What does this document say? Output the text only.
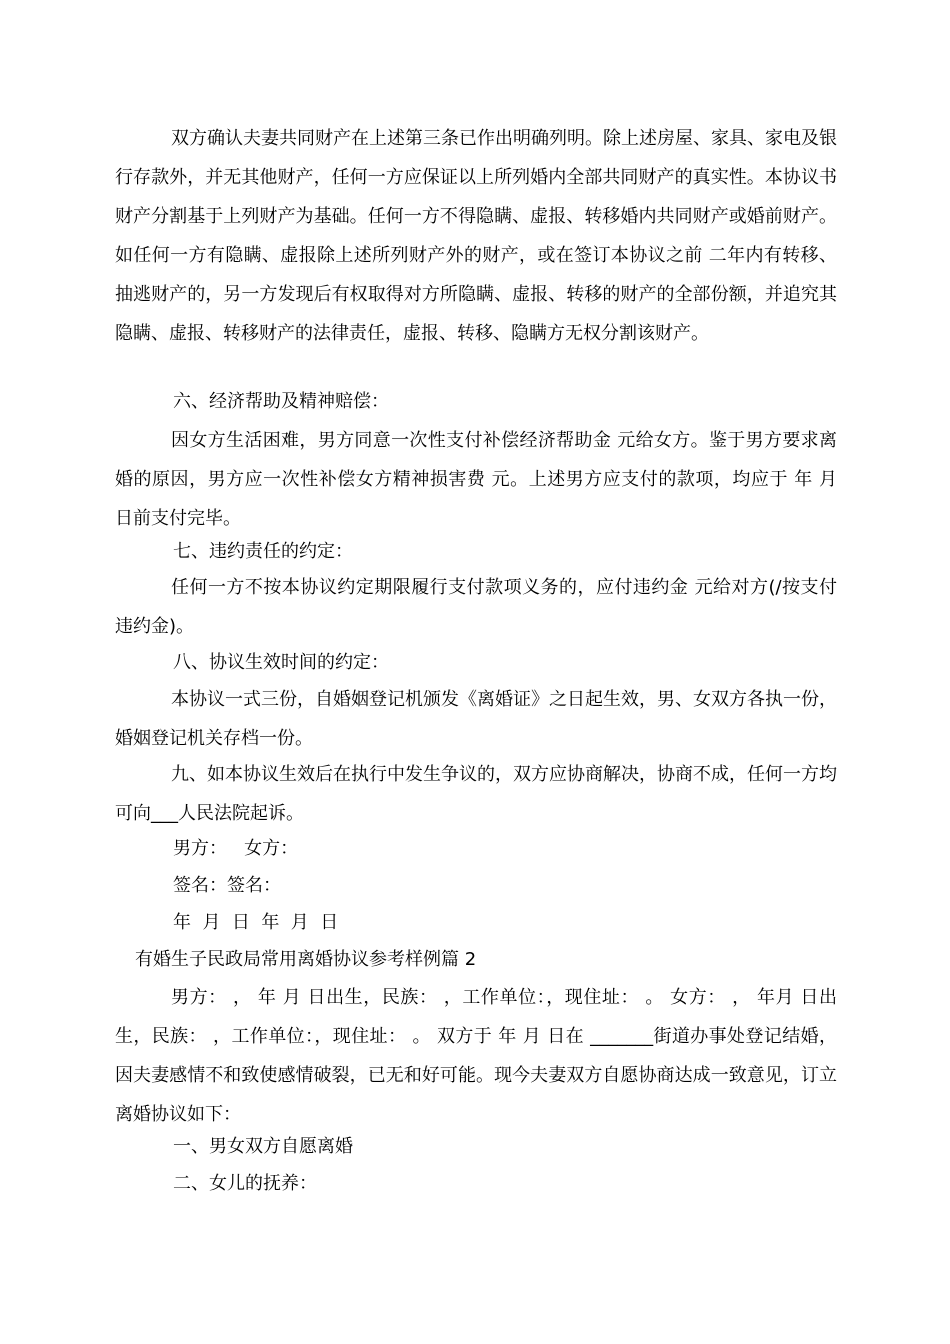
双方确认夫妻共同财产在上述第三条已作出明确列明。除上述房屋、家具、家电及银行存款外，并无其他财产，任何一方应保证以上所列婚内全部共同财产的真实性。本协议书财产分割基于上列财产为基础。任何一方不得隐瞒、虚报、转移婚内共同财产或婚前财产。如任何一方有隐瞒、虚报除上述所列财产外的财产，或在签订本协议之前 二年内有转移、抽逃财产的，另一方发现后有权取得对方所隐瞒、虚报、转移的财产的全部份额，并追究其隐瞒、虚报、转移财产的法律责任，虚报、转移、隐瞒方无权分割该财产。

六、经济帮助及精神赔偿：

因女方生活困难，男方同意一次性支付补偿经济帮助金 元给女方。鉴于男方要求离婚的原因，男方应一次性补偿女方精神损害费 元。上述男方应支付的款项，均应于 年 月 日前支付完毕。

七、违约责任的约定：

任何一方不按本协议约定期限履行支付款项义务的，应付违约金 元给对方(/按支付违约金)。

八、协议生效时间的约定：

本协议一式三份，自婚姻登记机颁发《离婚证》之日起生效，男、女双方各执一份，婚姻登记机关存档一份。

九、如本协议生效后在执行中发生争议的，双方应协商解决，协商不成，任何一方均可向___人民法院起诉。

男方：   女方：

签名：签名：

年  月  日  年  月  日

有婚生子民政局常用离婚协议参考样例篇 2

男方： ， 年 月 日出生，民族： ，工作单位：，现住址： 。 女方： ， 年月 日出生，民族： ，工作单位：，现住址： 。 双方于 年 月 日在 _______街道办事处登记结婚，因夫妻感情不和致使感情破裂，已无和好可能。现今夫妻双方自愿协商达成一致意见，订立离婚协议如下：

一、男女双方自愿离婚

二、女儿的抚养：
